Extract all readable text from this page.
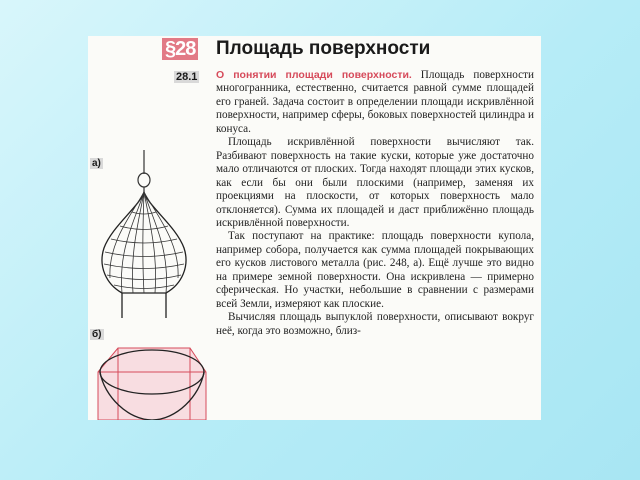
§28 Площадь поверхности
28.1
а)
б)

О понятии площади поверхности. Площадь поверхности многогранника, естественно, считается равной сумме площадей его граней. Задача состоит в определении площади искривлённой поверхности, например сферы, боковых поверхностей цилиндра и конуса.

Площадь искривлённой поверхности вычисляют так. Разбивают поверхность на такие куски, которые уже достаточно мало отличаются от плоских. Тогда находят площади этих кусков, как если бы они были плоскими (например, заменяя их проекциями на плоскости, от которых поверхность мало отклоняется). Сумма их площадей и даст приближённо площадь искривлённой поверхности.

Так поступают на практике: площадь поверхности купола, например собора, получается как сумма площадей покрывающих его кусков листового металла (рис. 248, а). Ещё лучше это видно на примере земной поверхности. Она искривлена — примерно сферическая. Но участки, небольшие в сравнении с размерами всей Земли, измеряют как плоские.

Вычисляя площадь выпуклой поверхности, описывают вокруг неё, когда это возможно, близ-
